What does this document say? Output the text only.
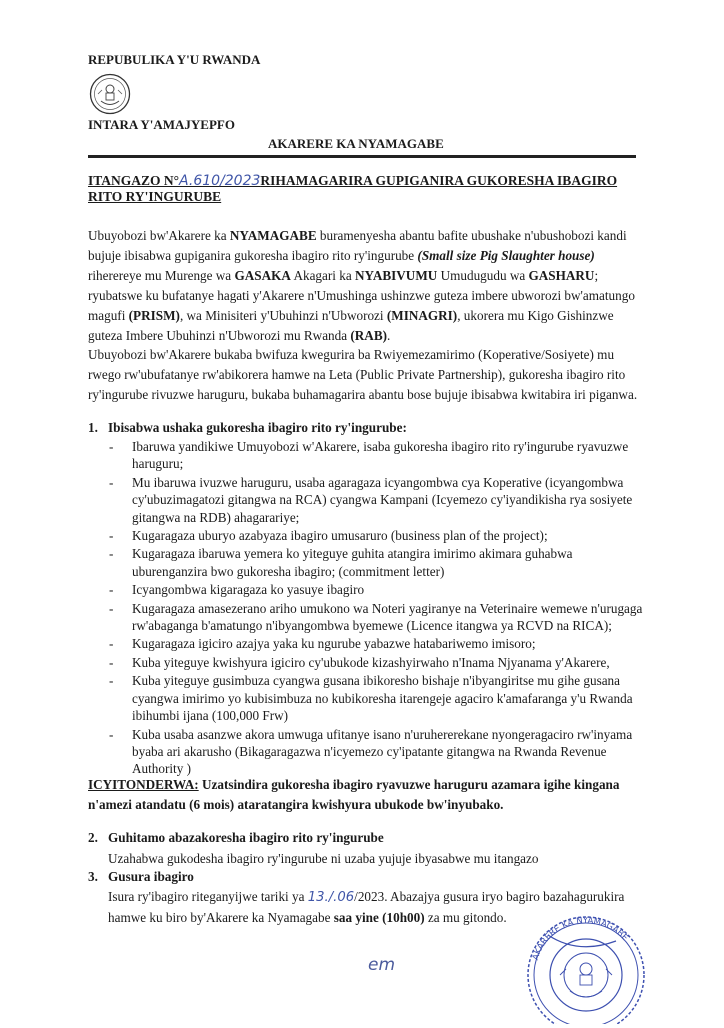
REPUBULIKA Y'U RWANDA
INTARA Y'AMAJYEPFO
AKARERE KA NYAMAGABE
ITANGAZO N°A.610/2023RIHAMAGARIRA GUPIGANIRA GUKORESHA IBAGIRO
RITO RY'INGURUBE
Ubuyobozi bw'Akarere ka NYAMAGABE buramenyesha abantu bafite ubushake n'ubushobozi kandi bujuje ibisabwa gupiganira gukoresha ibagiro rito ry'ingurube (Small size Pig Slaughter house) riherereye mu Murenge wa GASAKA Akagari ka NYABIVUMU Umudugudu wa GASHARU; ryubatswe ku bufatanye hagati y'Akarere n'Umushinga ushinzwe guteza imbere ubworozi bw'amatungo magufi (PRISM), wa Minisiteri y'Ubuhinzi n'Ubworozi (MINAGRI), ukorera mu Kigo Gishinzwe guteza Imbere Ubuhinzi n'Ubworozi mu Rwanda (RAB).
Ubuyobozi bw'Akarere bukaba bwifuza kwegurira ba Rwiyemezamirimo (Koperative/Sosiyete) mu rwego rw'ubufatanye rw'abikorera hamwe na Leta (Public Private Partnership), gukoresha ibagiro rito ry'ingurube rivuzwe haruguru, bukaba buhamagarira abantu bose bujuje ibisabwa kwitabira iri piganwa.
1. Ibisabwa ushaka gukoresha ibagiro rito ry'ingurube:
- Ibaruwa yandikiwe Umuyobozi w'Akarere, isaba gukoresha ibagiro rito ry'ingurube ryavuzwe haruguru;
- Mu ibaruwa ivuzwe haruguru, usaba agaragaza icyangombwa cya Koperative (icyangombwa cy'ubuzimagatozi gitangwa na RCA) cyangwa Kampani (Icyemezo cy'iyandikisha rya sosiyete gitangwa na RDB) ahagarariye;
- Kugaragaza uburyo azabyaza ibagiro umusaruro (business plan of the project);
- Kugaragaza ibaruwa yemera ko yiteguye guhita atangira imirimo akimara guhabwa uburenganzira bwo gukoresha ibagiro; (commitment letter)
- Icyangombwa kigaragaza ko yasuye ibagiro
- Kugaragaza amasezerano ariho umukono wa Noteri yagiranye na Veterinaire wemewe n'urugaga rw'abaganga b'amatungo n'ibyangombwa byemewe (Licence itangwa ya RCVD na RICA);
- Kugaragaza igiciro azajya yaka ku ngurube yabazwe hatabariwemo imisoro;
- Kuba yiteguye kwishyura igiciro cy'ubukode kizashyirwaho n'Inama Njyanama y'Akarere,
- Kuba yiteguye gusimbuza cyangwa gusana ibikoresho bishaje n'ibyangiritse mu gihe gusana cyangwa imirimo yo kubisimbuza no kubikoresha itarengeje agaciro k'amafaranga y'u Rwanda ibihumbi ijana (100,000 Frw)
- Kuba usaba asanzwe akora umwuga ufitanye isano n'uruhererekane nyongeragaciro rw'inyama byaba ari akarusho (Bikagaragazwa n'icyemezo cy'ipatante gitangwa na Rwanda Revenue Authority )
ICYITONDERWA: Uzatsindira gukoresha ibagiro ryavuzwe haruguru azamara igihe kingana
n'amezi atandatu (6 mois) ataratangira kwishyura ubukode bw'inyubako.
2. Guhitamo abazakoresha ibagiro rito ry'ingurube
Uzahabwa gukodesha ibagiro ry'ingurube ni uzaba yujuje ibyasabwe mu itangazo
3. Gusura ibagiro
Isura ry'ibagiro riteganyijwe tariki ya 13./.06/2023. Abazajya gusura iryo bagiro bazahagurukira
hamwe ku biro by'Akarere ka Nyamagabe saa yine (10h00) za mu gitondo.
em	AKARERE KA NYAMAGABE
